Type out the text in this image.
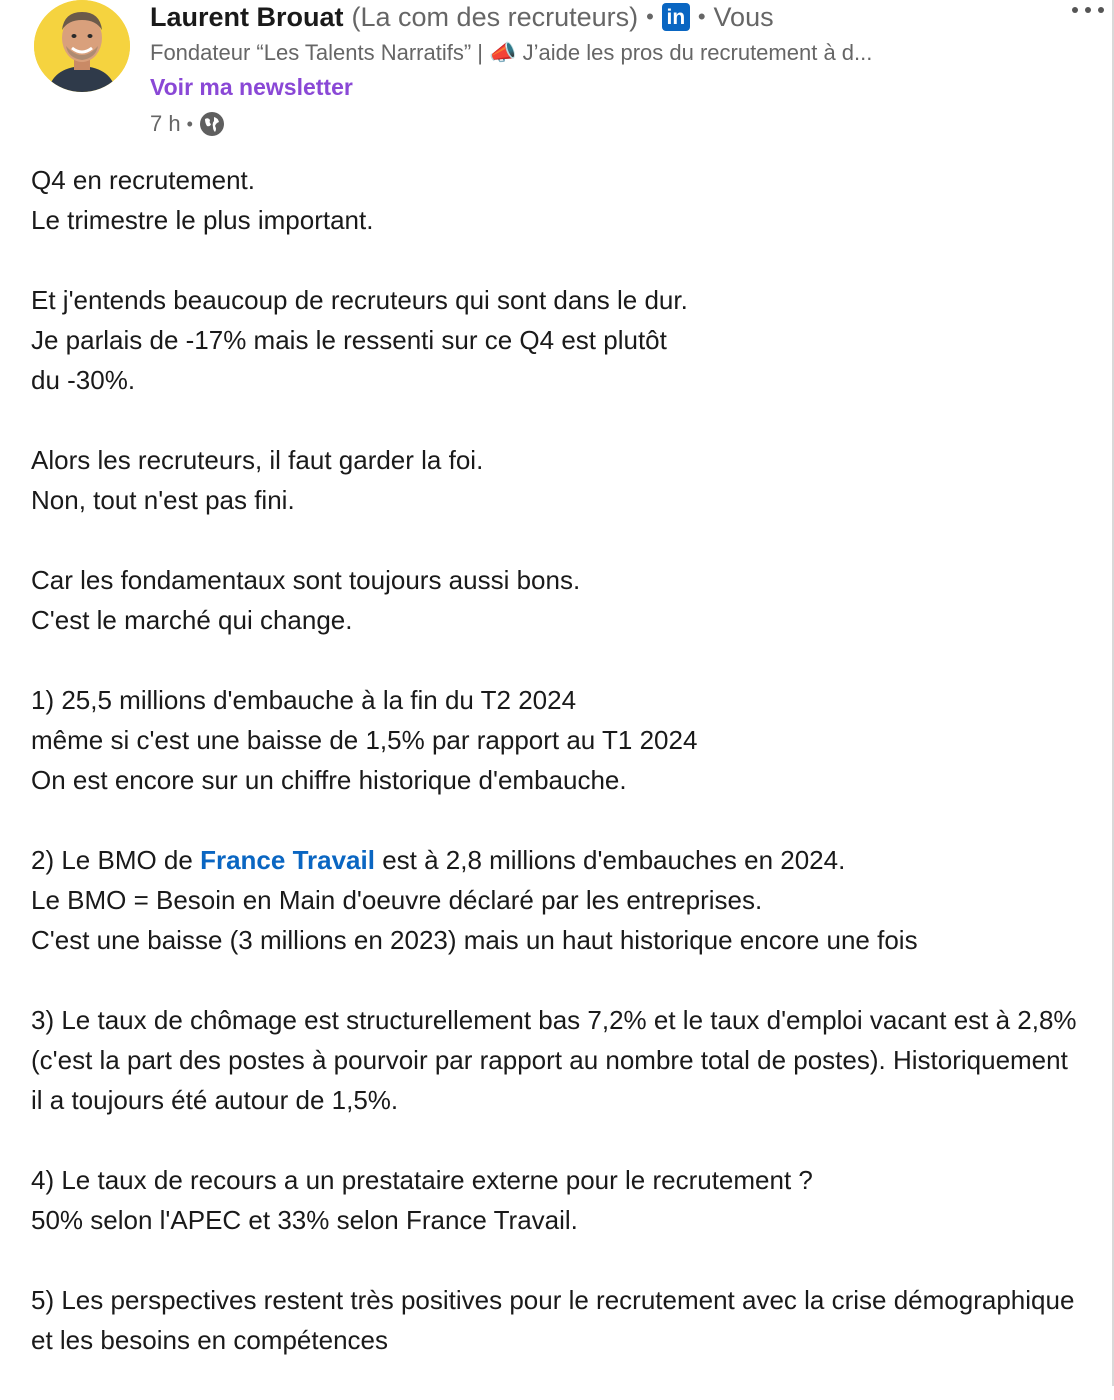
Laurent Brouat (La com des recruteurs) • in • Vous
Fondateur “Les Talents Narratifs” | 📣 J’aide les pros du recrutement à d...
Voir ma newsletter
7 h •
Q4 en recrutement.
Le trimestre le plus important.
Et j'entends beaucoup de recruteurs qui sont dans le dur.
Je parlais de -17% mais le ressenti sur ce Q4 est plutôt
du -30%.
Alors les recruteurs, il faut garder la foi.
Non, tout n'est pas fini.
Car les fondamentaux sont toujours aussi bons.
C'est le marché qui change.
1) 25,5 millions d'embauche à la fin du T2 2024
même si c'est une baisse de 1,5% par rapport au T1 2024
On est encore sur un chiffre historique d'embauche.
2) Le BMO de France Travail est à 2,8 millions d'embauches en 2024.
Le BMO = Besoin en Main d'oeuvre déclaré par les entreprises.
C'est une baisse (3 millions en 2023) mais un haut historique encore une fois
3) Le taux de chômage est structurellement bas 7,2% et le taux d'emploi vacant est à 2,8% (c'est la part des postes à pourvoir par rapport au nombre total de postes). Historiquement il a toujours été autour de 1,5%.
4) Le taux de recours a un prestataire externe pour le recrutement ?
50% selon l'APEC et 33% selon France Travail.
5) Les perspectives restent très positives pour le recrutement avec la crise démographique et les besoins en compétences
